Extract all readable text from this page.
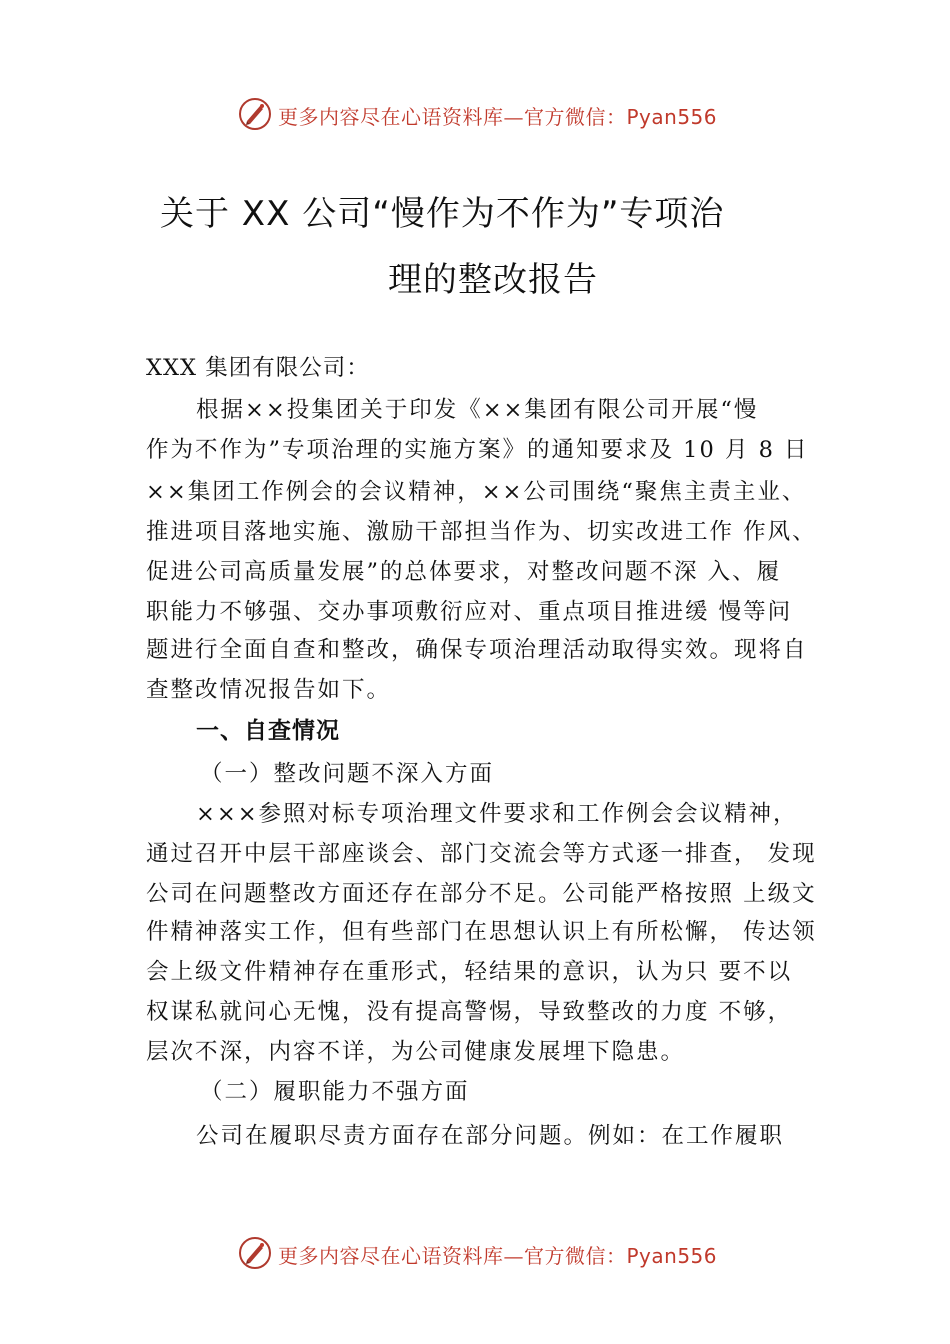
更多内容尽在心语资料库—官方微信：Pyan556
关于 XX 公司“慢作为不作为”专项治
理的整改报告
XXX 集团有限公司：
根据××投集团关于印发《××集团有限公司开展“慢
作为不作为”专项治理的实施方案》的通知要求及 10 月 8 日
××集团工作例会的会议精神，××公司围绕“聚焦主责主业、
推进项目落地实施、激励干部担当作为、切实改进工作 作风、
促进公司高质量发展”的总体要求，对整改问题不深 入、履
职能力不够强、交办事项敷衍应对、重点项目推进缓 慢等问
题进行全面自查和整改，确保专项治理活动取得实效。现将自
查整改情况报告如下。
一、自查情况
（一）整改问题不深入方面
×××参照对标专项治理文件要求和工作例会会议精神，
通过召开中层干部座谈会、部门交流会等方式逐一排查， 发现
公司在问题整改方面还存在部分不足。公司能严格按照 上级文
件精神落实工作，但有些部门在思想认识上有所松懈， 传达领
会上级文件精神存在重形式，轻结果的意识，认为只 要不以
权谋私就问心无愧，没有提高警惕，导致整改的力度 不够，
层次不深，内容不详，为公司健康发展埋下隐患。
（二）履职能力不强方面
公司在履职尽责方面存在部分问题。例如：在工作履职
更多内容尽在心语资料库—官方微信：Pyan556
